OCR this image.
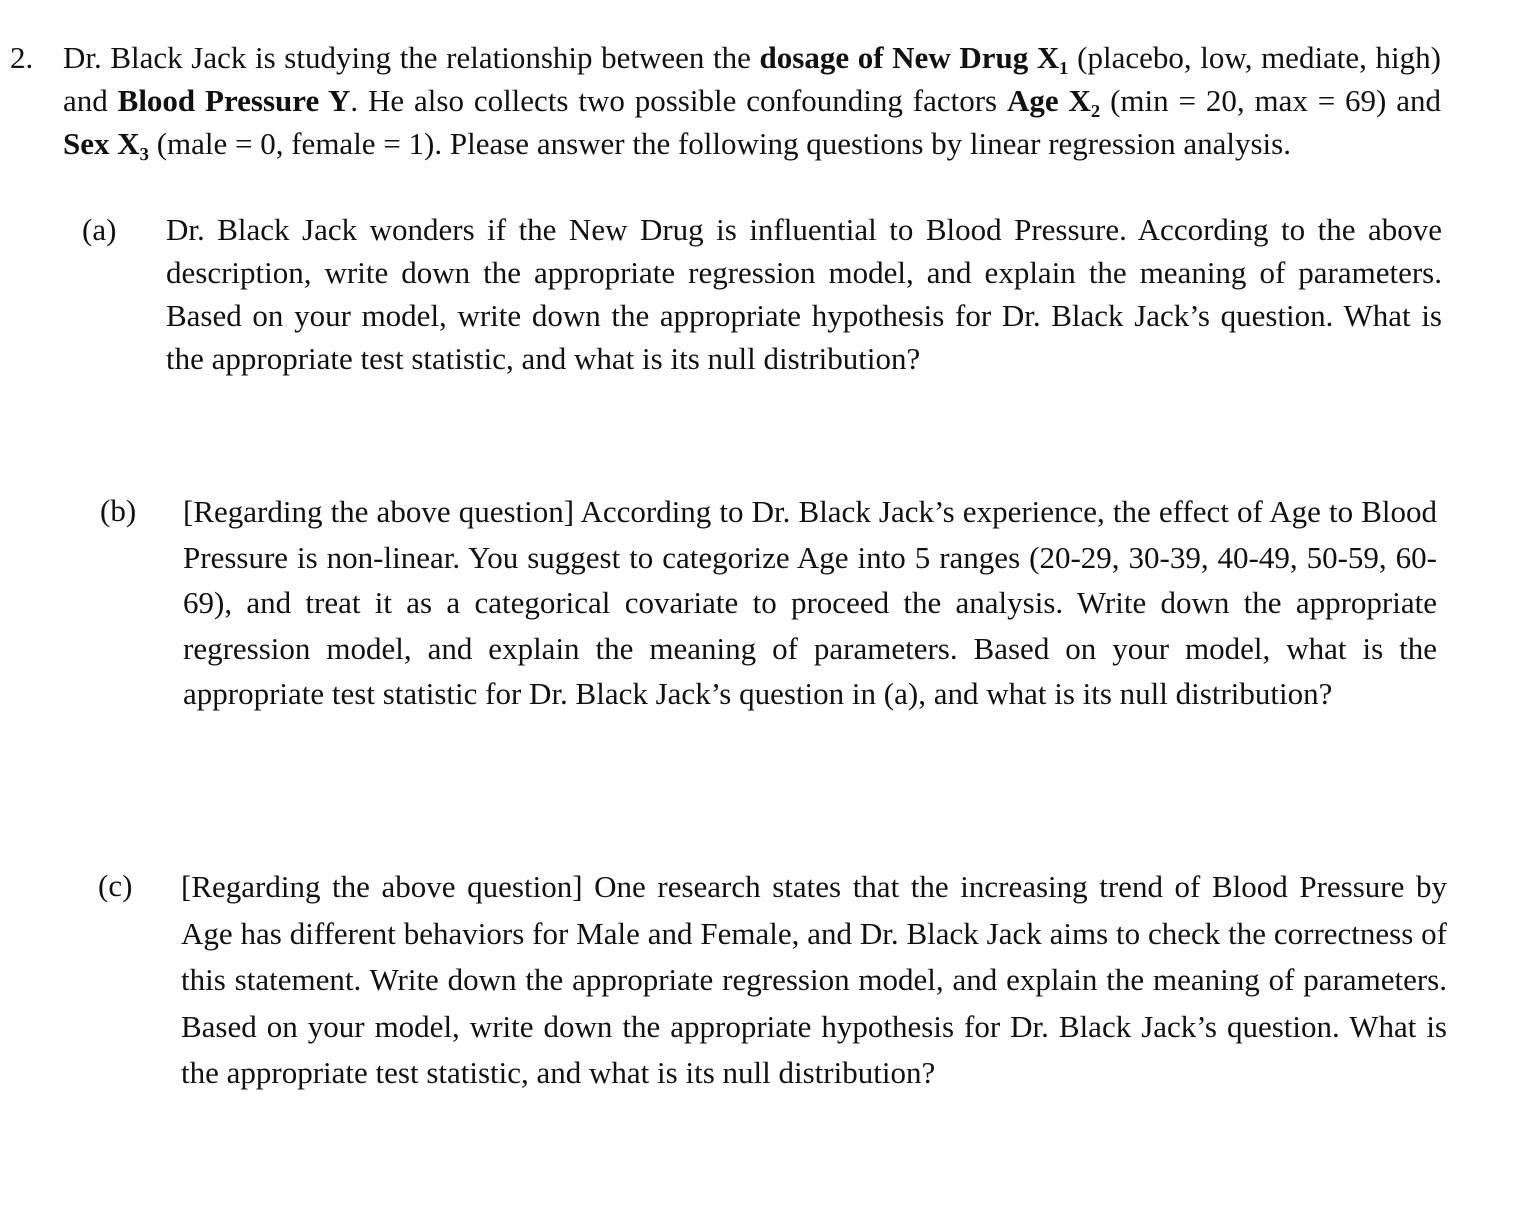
2. Dr. Black Jack is studying the relationship between the dosage of New Drug X₁ (placebo, low, mediate, high) and Blood Pressure Y. He also collects two possible confounding factors Age X₂ (min = 20, max = 69) and Sex X₃ (male = 0, female = 1). Please answer the following questions by linear regression analysis.
(a) Dr. Black Jack wonders if the New Drug is influential to Blood Pressure. According to the above description, write down the appropriate regression model, and explain the meaning of parameters. Based on your model, write down the appropriate hypothesis for Dr. Black Jack’s question. What is the appropriate test statistic, and what is its null distribution?
(b) [Regarding the above question] According to Dr. Black Jack’s experience, the effect of Age to Blood Pressure is non-linear. You suggest to categorize Age into 5 ranges (20-29, 30-39, 40-49, 50-59, 60-69), and treat it as a categorical covariate to proceed the analysis. Write down the appropriate regression model, and explain the meaning of parameters. Based on your model, what is the appropriate test statistic for Dr. Black Jack’s question in (a), and what is its null distribution?
(c) [Regarding the above question] One research states that the increasing trend of Blood Pressure by Age has different behaviors for Male and Female, and Dr. Black Jack aims to check the correctness of this statement. Write down the appropriate regression model, and explain the meaning of parameters. Based on your model, write down the appropriate hypothesis for Dr. Black Jack’s question. What is the appropriate test statistic, and what is its null distribution?
